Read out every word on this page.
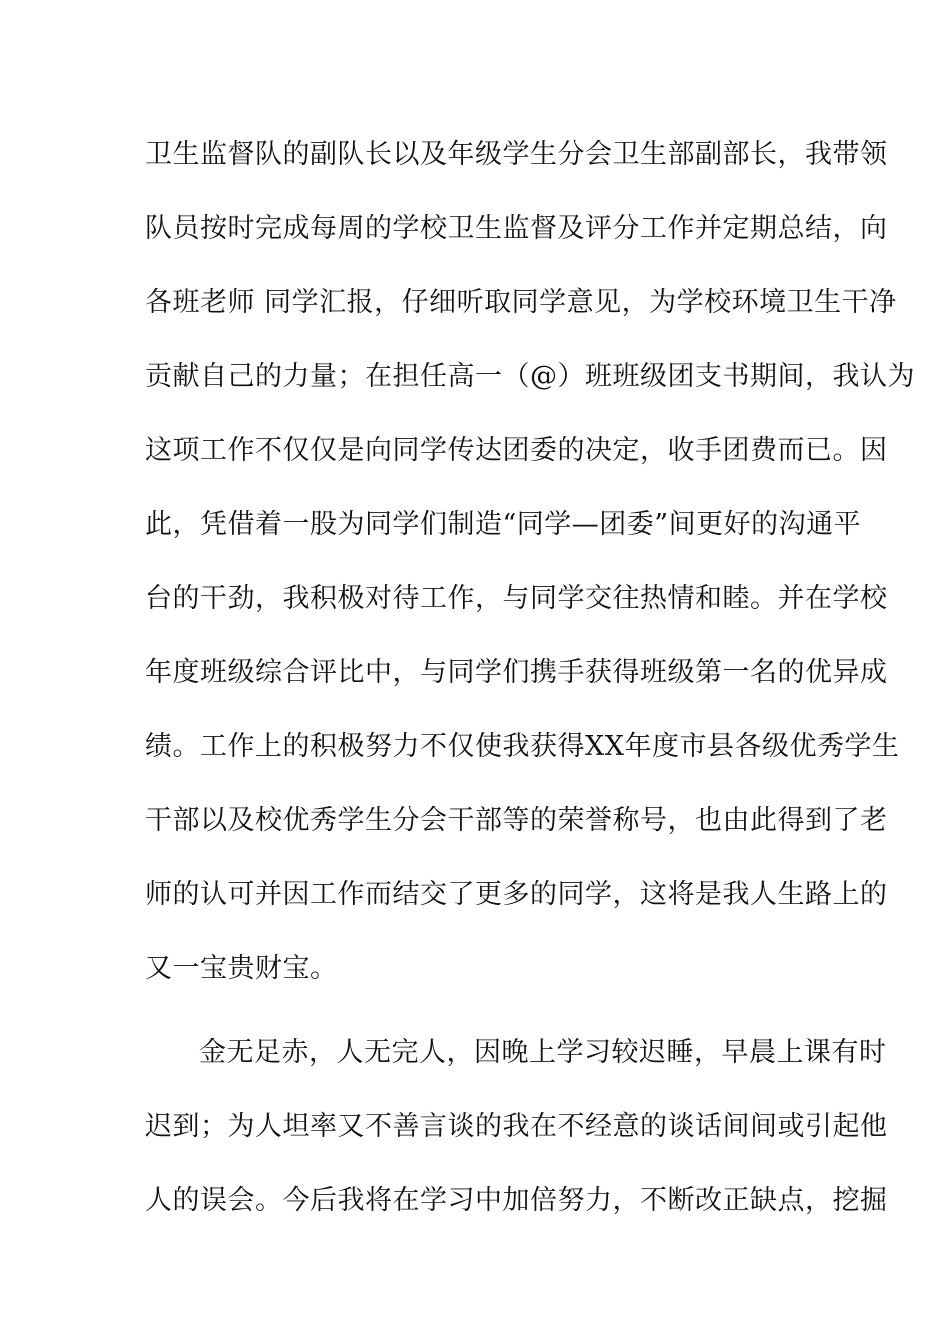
卫生监督队的副队长以及年级学生分会卫生部副部长，我带领
队员按时完成每周的学校卫生监督及评分工作并定期总结，向
各班老师 同学汇报，仔细听取同学意见，为学校环境卫生干净
贡献自己的力量；在担任高一（@）班班级团支书期间，我认为
这项工作不仅仅是向同学传达团委的决定，收手团费而已。因
此，凭借着一股为同学们制造“同学—团委”间更好的沟通平
台的干劲，我积极对待工作，与同学交往热情和睦。并在学校
年度班级综合评比中，与同学们携手获得班级第一名的优异成
绩。工作上的积极努力不仅使我获得XX年度市县各级优秀学生
干部以及校优秀学生分会干部等的荣誉称号，也由此得到了老
师的认可并因工作而结交了更多的同学，这将是我人生路上的
又一宝贵财宝。
金无足赤，人无完人，因晚上学习较迟睡，早晨上课有时
迟到；为人坦率又不善言谈的我在不经意的谈话间间或引起他
人的误会。今后我将在学习中加倍努力，不断改正缺点，挖掘
